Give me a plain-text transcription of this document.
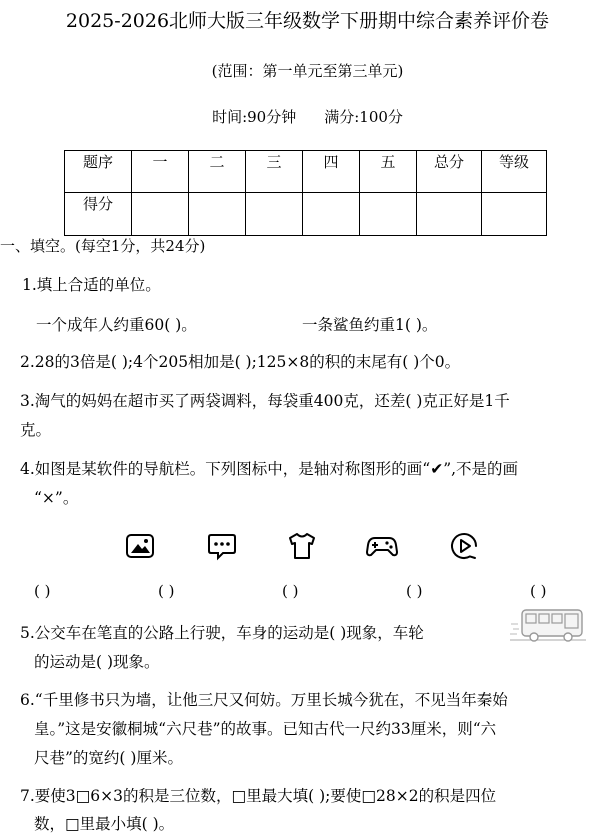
2025-2026北师大版三年级数学下册期中综合素养评价卷
(范围：第一单元至第三单元)
时间:90分钟 满分:100分
题序	一	二	三	四	五	总分	等级
得分							
一、填空。(每空1分，共24分)
1.填上合适的单位。
一个成年人约重60( )。	一条鲨鱼约重1( )。
2.28的3倍是( );4个205相加是( );125×8的积的末尾有( )个0。
3.淘气的妈妈在超市买了两袋调料，每袋重400克，还差( )克正好是1千
克。
4.如图是某软件的导航栏。下列图标中，是轴对称图形的画“✔”,不是的画
“×”。
( )	( )	( )	( )	( )
5.公交车在笔直的公路上行驶，车身的运动是( )现象，车轮
的运动是( )现象。
6.“千里修书只为墙，让他三尺又何妨。万里长城今犹在，不见当年秦始
皇。”这是安徽桐城“六尺巷”的故事。已知古代一尺约33厘米，则“六
尺巷”的宽约( )厘米。
7.要使3□6×3的积是三位数，□里最大填( );要使□28×2的积是四位
数，□里最小填( )。
